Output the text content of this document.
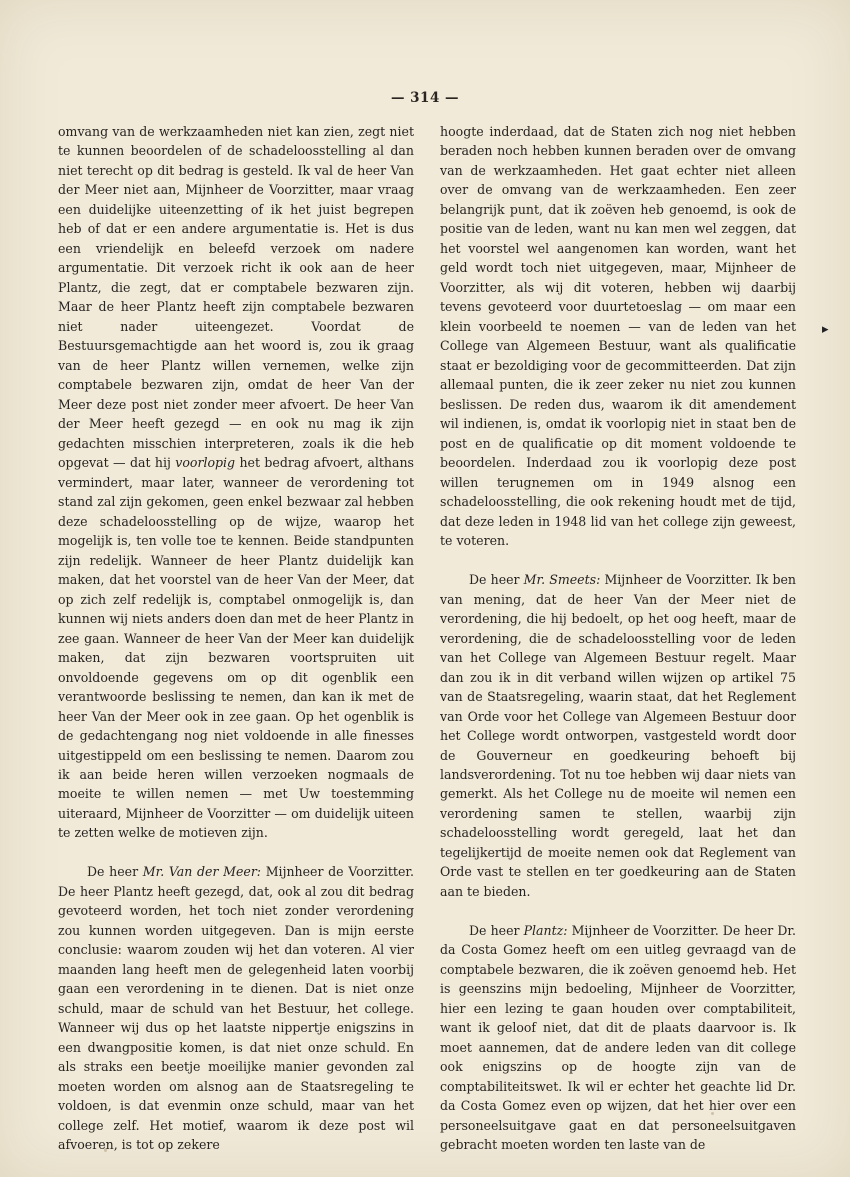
— 314 —

omvang van de werkzaamheden niet kan zien, zegt niet te kunnen beoordelen of de schadeloosstelling al dan niet terecht op dit bedrag is gesteld. Ik val de heer Van der Meer niet aan, Mijnheer de Voorzitter, maar vraag een duidelijke uiteenzetting of ik het juist begrepen heb of dat er een andere argumentatie is. Het is dus een vriendelijk en beleefd verzoek om nadere argumentatie. Dit verzoek richt ik ook aan de heer Plantz, die zegt, dat er comptabele bezwaren zijn. Maar de heer Plantz heeft zijn comptabele bezwaren niet nader uiteengezet. Voordat de Bestuursgemachtigde aan het woord is, zou ik graag van de heer Plantz willen vernemen, welke zijn comptabele bezwaren zijn, omdat de heer Van der Meer deze post niet zonder meer afvoert. De heer Van der Meer heeft gezegd — en ook nu mag ik zijn gedachten misschien interpreteren, zoals ik die heb opgevat — dat hij voorlopig het bedrag afvoert, althans vermindert, maar later, wanneer de verordening tot stand zal zijn gekomen, geen enkel bezwaar zal hebben deze schadeloosstelling op de wijze, waarop het mogelijk is, ten volle toe te kennen. Beide standpunten zijn redelijk. Wanneer de heer Plantz duidelijk kan maken, dat het voorstel van de heer Van der Meer, dat op zich zelf redelijk is, comptabel onmogelijk is, dan kunnen wij niets anders doen dan met de heer Plantz in zee gaan. Wanneer de heer Van der Meer kan duidelijk maken, dat zijn bezwaren voortspruiten uit onvoldoende gegevens om op dit ogenblik een verantwoorde beslissing te nemen, dan kan ik met de heer Van der Meer ook in zee gaan. Op het ogenblik is de gedachtengang nog niet voldoende in alle finesses uitgestippeld om een beslissing te nemen. Daarom zou ik aan beide heren willen verzoeken nogmaals de moeite te willen nemen — met Uw toestemming uiteraard, Mijnheer de Voorzitter — om duidelijk uiteen te zetten welke de motieven zijn.

De heer Mr. Van der Meer: Mijnheer de Voorzitter. De heer Plantz heeft gezegd, dat, ook al zou dit bedrag gevoteerd worden, het toch niet zonder verordening zou kunnen worden uitgegeven. Dan is mijn eerste conclusie: waarom zouden wij het dan voteren. Al vier maanden lang heeft men de gelegenheid laten voorbij gaan een verordening in te dienen. Dat is niet onze schuld, maar de schuld van het Bestuur, het college. Wanneer wij dus op het laatste nippertje enigszins in een dwangpositie komen, is dat niet onze schuld. En als straks een beetje moeilijke manier gevonden zal moeten worden om alsnog aan de Staatsregeling te voldoen, is dat evenmin onze schuld, maar van het college zelf. Het motief, waarom ik deze post wil afvoeren, is tot op zekere

hoogte inderdaad, dat de Staten zich nog niet hebben beraden noch hebben kunnen beraden over de omvang van de werkzaamheden. Het gaat echter niet alleen over de omvang van de werkzaamheden. Een zeer belangrijk punt, dat ik zoëven heb genoemd, is ook de positie van de leden, want nu kan men wel zeggen, dat het voorstel wel aangenomen kan worden, want het geld wordt toch niet uitgegeven, maar, Mijnheer de Voorzitter, als wij dit voteren, hebben wij daarbij tevens gevoteerd voor duurtetoeslag — om maar een klein voorbeeld te noemen — van de leden van het College van Algemeen Bestuur, want als qualificatie staat er bezoldiging voor de gecommitteerden. Dat zijn allemaal punten, die ik zeer zeker nu niet zou kunnen beslissen. De reden dus, waarom ik dit amendement wil indienen, is, omdat ik voorlopig niet in staat ben de post en de qualificatie op dit moment voldoende te beoordelen. Inderdaad zou ik voorlopig deze post willen terugnemen om in 1949 alsnog een schadeloosstelling, die ook rekening houdt met de tijd, dat deze leden in 1948 lid van het college zijn geweest, te voteren.

De heer Mr. Smeets: Mijnheer de Voorzitter. Ik ben van mening, dat de heer Van der Meer niet de verordening, die hij bedoelt, op het oog heeft, maar de verordening, die de schadeloosstelling voor de leden van het College van Algemeen Bestuur regelt. Maar dan zou ik in dit verband willen wijzen op artikel 75 van de Staatsregeling, waarin staat, dat het Reglement van Orde voor het College van Algemeen Bestuur door het College wordt ontworpen, vastgesteld wordt door de Gouverneur en goedkeuring behoeft bij landsverordening. Tot nu toe hebben wij daar niets van gemerkt. Als het College nu de moeite wil nemen een verordening samen te stellen, waarbij zijn schadeloosstelling wordt geregeld, laat het dan tegelijkertijd de moeite nemen ook dat Reglement van Orde vast te stellen en ter goedkeuring aan de Staten aan te bieden.

De heer Plantz: Mijnheer de Voorzitter. De heer Dr. da Costa Gomez heeft om een uitleg gevraagd van de comptabele bezwaren, die ik zoëven genoemd heb. Het is geenszins mijn bedoeling, Mijnheer de Voorzitter, hier een lezing te gaan houden over comptabiliteit, want ik geloof niet, dat dit de plaats daarvoor is. Ik moet aannemen, dat de andere leden van dit college ook enigszins op de hoogte zijn van de comptabiliteitswet. Ik wil er echter het geachte lid Dr. da Costa Gomez even op wijzen, dat het hier over een personeelsuitgave gaat en dat personeelsuitgaven gebracht moeten worden ten laste van de

▸
